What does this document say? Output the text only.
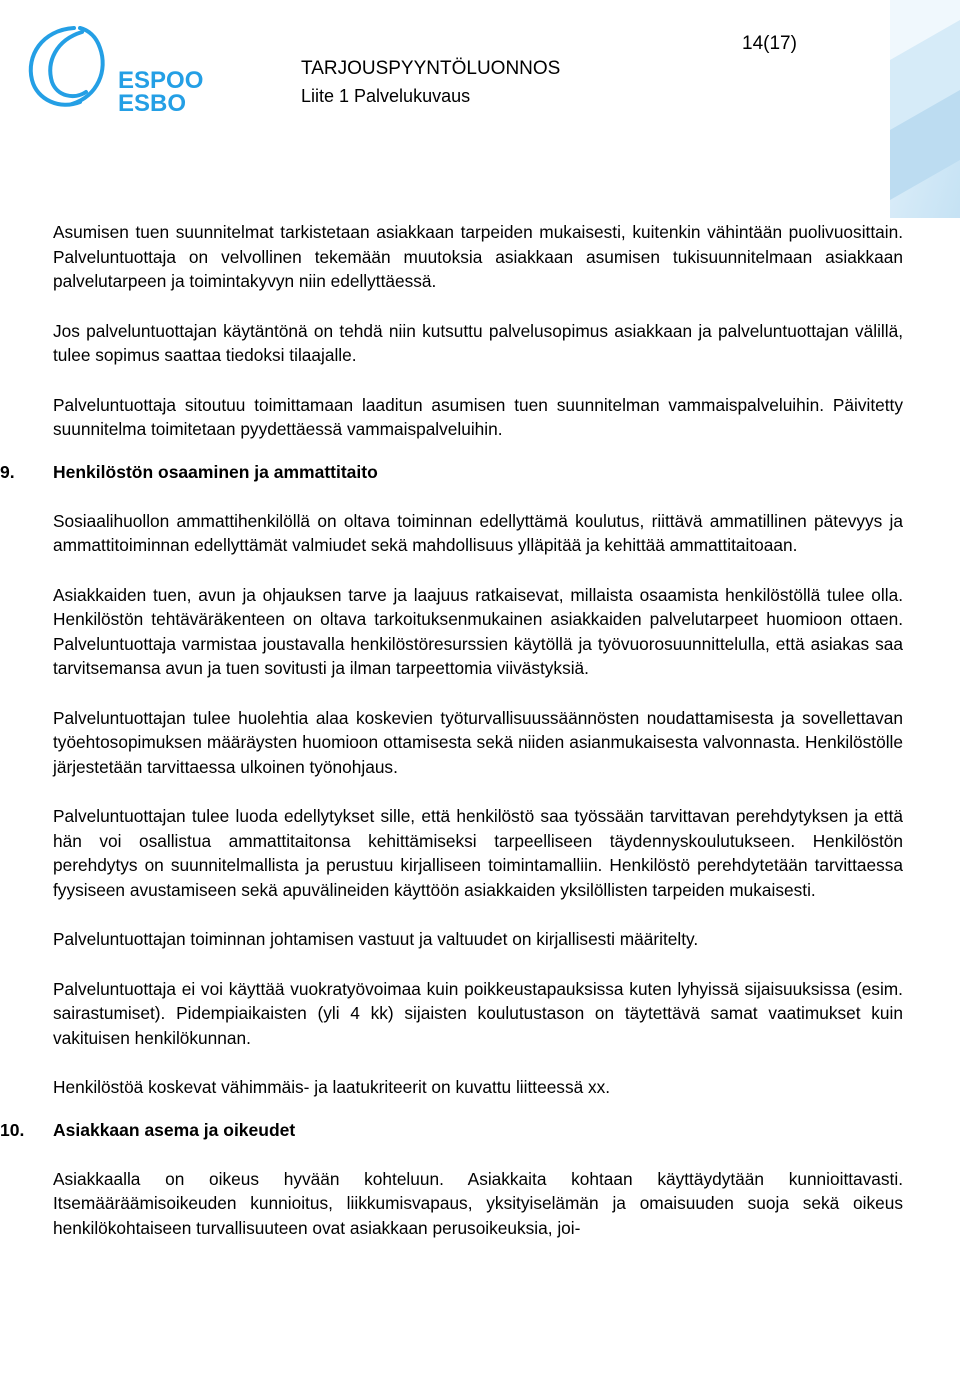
ESPOO
ESBO
TARJOUSPYYNTÖLUONNOS
Liite 1 Palvelukuvaus
14(17)

Asumisen tuen suunnitelmat tarkistetaan asiakkaan tarpeiden mukaisesti, kuitenkin vähintään puolivuosittain. Palveluntuottaja on velvollinen tekemään muutoksia asiakkaan asumisen tukisuunnitelmaan asiakkaan palvelutarpeen ja toimintakyvyn niin edellyttäessä.

Jos palveluntuottajan käytäntönä on tehdä niin kutsuttu palvelusopimus asiakkaan ja palveluntuottajan välillä, tulee sopimus saattaa tiedoksi tilaajalle.

Palveluntuottaja sitoutuu toimittamaan laaditun asumisen tuen suunnitelman vammaispalveluihin. Päivitetty suunnitelma toimitetaan pyydettäessä vammaispalveluihin.

9.	Henkilöstön osaaminen ja ammattitaito

Sosiaalihuollon ammattihenkilöllä on oltava toiminnan edellyttämä koulutus, riittävä ammatillinen pätevyys ja ammattitoiminnan edellyttämät valmiudet sekä mahdollisuus ylläpitää ja kehittää ammattitaitoaan.

Asiakkaiden tuen, avun ja ohjauksen tarve ja laajuus ratkaisevat, millaista osaamista henkilöstöllä tulee olla. Henkilöstön tehtäväräkenteen on oltava tarkoituksenmukainen asiakkaiden palvelutarpeet huomioon ottaen. Palveluntuottaja varmistaa joustavalla henkilöstöresurssien käytöllä ja työvuorosuunnittelulla, että asiakas saa tarvitsemansa avun ja tuen sovitusti ja ilman tarpeettomia viivästyksiä.

Palveluntuottajan tulee huolehtia alaa koskevien työturvallisuussäännösten noudattamisesta ja sovellettavan työehtosopimuksen määräysten huomioon ottamisesta sekä niiden asianmukaisesta valvonnasta. Henkilöstölle järjestetään tarvittaessa ulkoinen työnohjaus.

Palveluntuottajan tulee luoda edellytykset sille, että henkilöstö saa työssään tarvittavan perehdytyksen ja että hän voi osallistua ammattitaitonsa kehittämiseksi tarpeelliseen täydennyskoulutukseen. Henkilöstön perehdytys on suunnitelmallista ja perustuu kirjalliseen toimintamalliin. Henkilöstö perehdytetään tarvittaessa fyysiseen avustamiseen sekä apuvälineiden käyttöön asiakkaiden yksilöllisten tarpeiden mukaisesti.

Palveluntuottajan toiminnan johtamisen vastuut ja valtuudet on kirjallisesti määritelty.

Palveluntuottaja ei voi käyttää vuokratyövoimaa kuin poikkeustapauksissa kuten lyhyissä sijaisuuksissa (esim. sairastumiset). Pidempiaikaisten (yli 4 kk) sijaisten koulutustason on täytettävä samat vaatimukset kuin vakituisen henkilökunnan.

Henkilöstöä koskevat vähimmäis- ja laatukriteerit on kuvattu liitteessä xx.

10.	Asiakkaan asema ja oikeudet

Asiakkaalla on oikeus hyvään kohteluun. Asiakkaita kohtaan käyttäydytään kunnioittavasti. Itsemääräämisoikeuden kunnioitus, liikkumisvapaus, yksityiselämän ja omaisuuden suoja sekä oikeus henkilökohtaiseen turvallisuuteen ovat asiakkaan perusoikeuksia, joi-
